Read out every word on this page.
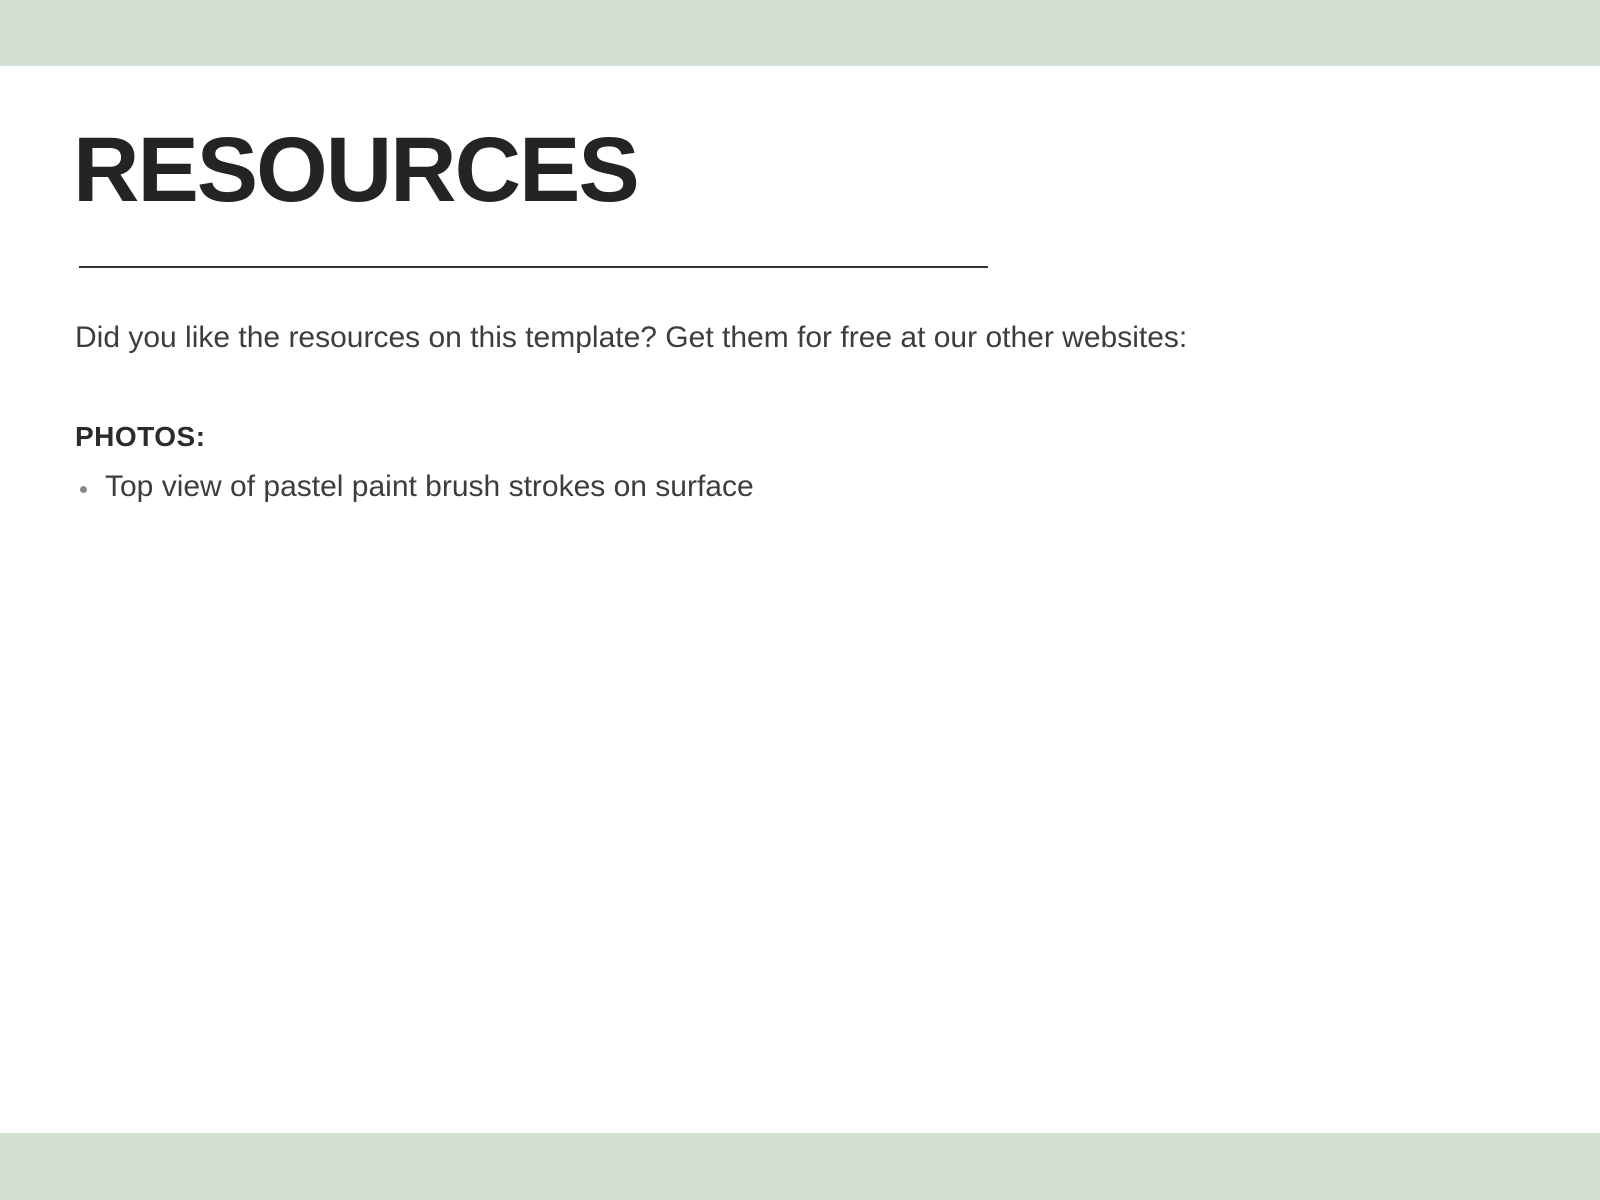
RESOURCES

Did you like the resources on this template? Get them for free at our other websites:

PHOTOS:
Top view of pastel paint brush strokes on surface
